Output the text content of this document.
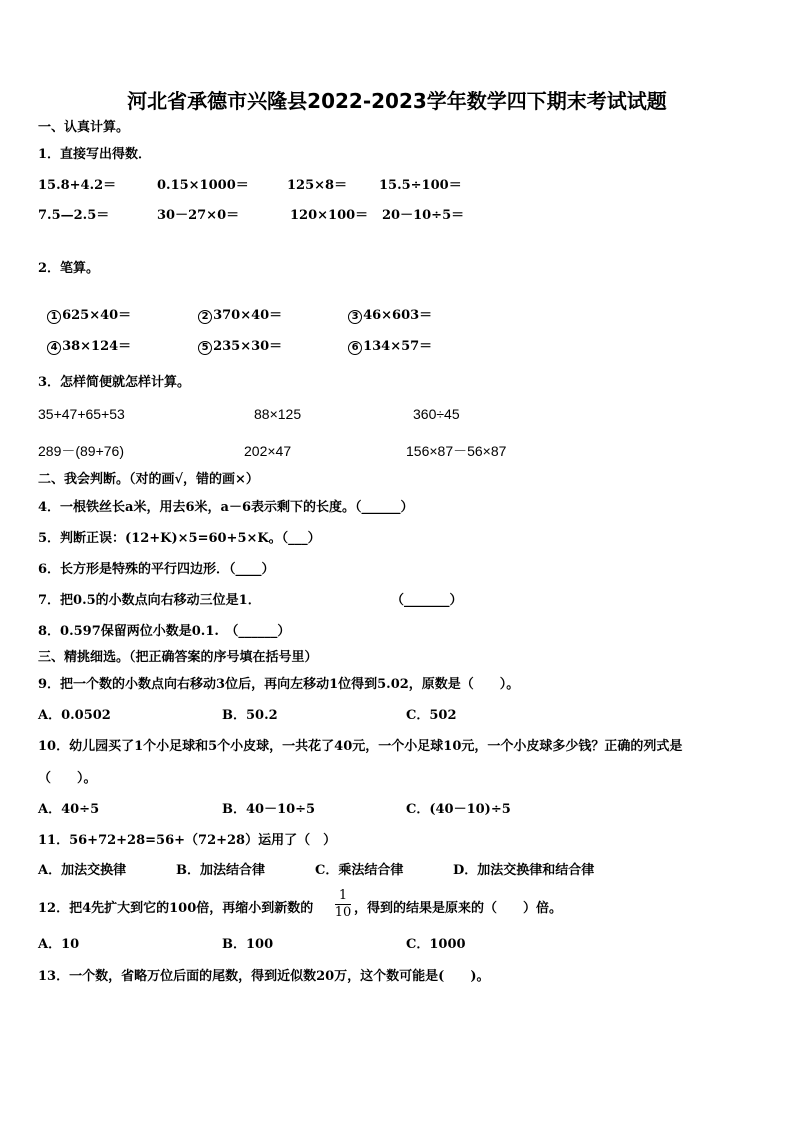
河北省承德市兴隆县2022-2023学年数学四下期末考试试题
一、认真计算。
1．直接写出得数．
15.8+4.2＝	0.15×1000＝	125×8＝ 15.5÷100＝
7.5—2.5＝	30－27×0＝	120×100＝ 20－10÷5＝
2．笔算。

1 625×40＝	2 370×40＝	3 46×603＝

4 38×124＝	5 235×30＝	6 134×57＝

3．怎样简便就怎样计算。
35+47+65+53	88×125	360÷45
289－(89+76)	202×47	156×87－56×87
二、我会判断。（对的画√，错的画×）
4．一根铁丝长a米，用去6米，a－6表示剩下的长度。（______）
5．判断正误：(12+K)×5=60+5×K。（___）
6．长方形是特殊的平行四边形．（____）
7．把0.5的小数点向右移动三位是1．	（_______）
8．0.597保留两位小数是0.1.　（______）
三、精挑细选。（把正确答案的序号填在括号里）
9．把一个数的小数点向右移动3位后，再向左移动1位得到5.02，原数是（　　）。
A．0.0502	B．50.2	C．502
10．幼儿园买了1个小足球和5个小皮球，一共花了40元，一个小足球10元，一个小皮球多少钱？正确的列式是
（　　）。
A．40÷5	B．40－10÷5	C．(40－10)÷5
11．56+72+28=56+（72+28）运用了（　）
A．加法交换律	B．加法结合律	C．乘法结合律	D．加法交换律和结合律
12．把4先扩大到它的100倍，再缩小到新数的
1
10 ，得到的结果是原来的（　　）倍。
A．10	B．100	C．1000
13．一个数，省略万位后面的尾数，得到近似数20万，这个数可能是(　　)。
